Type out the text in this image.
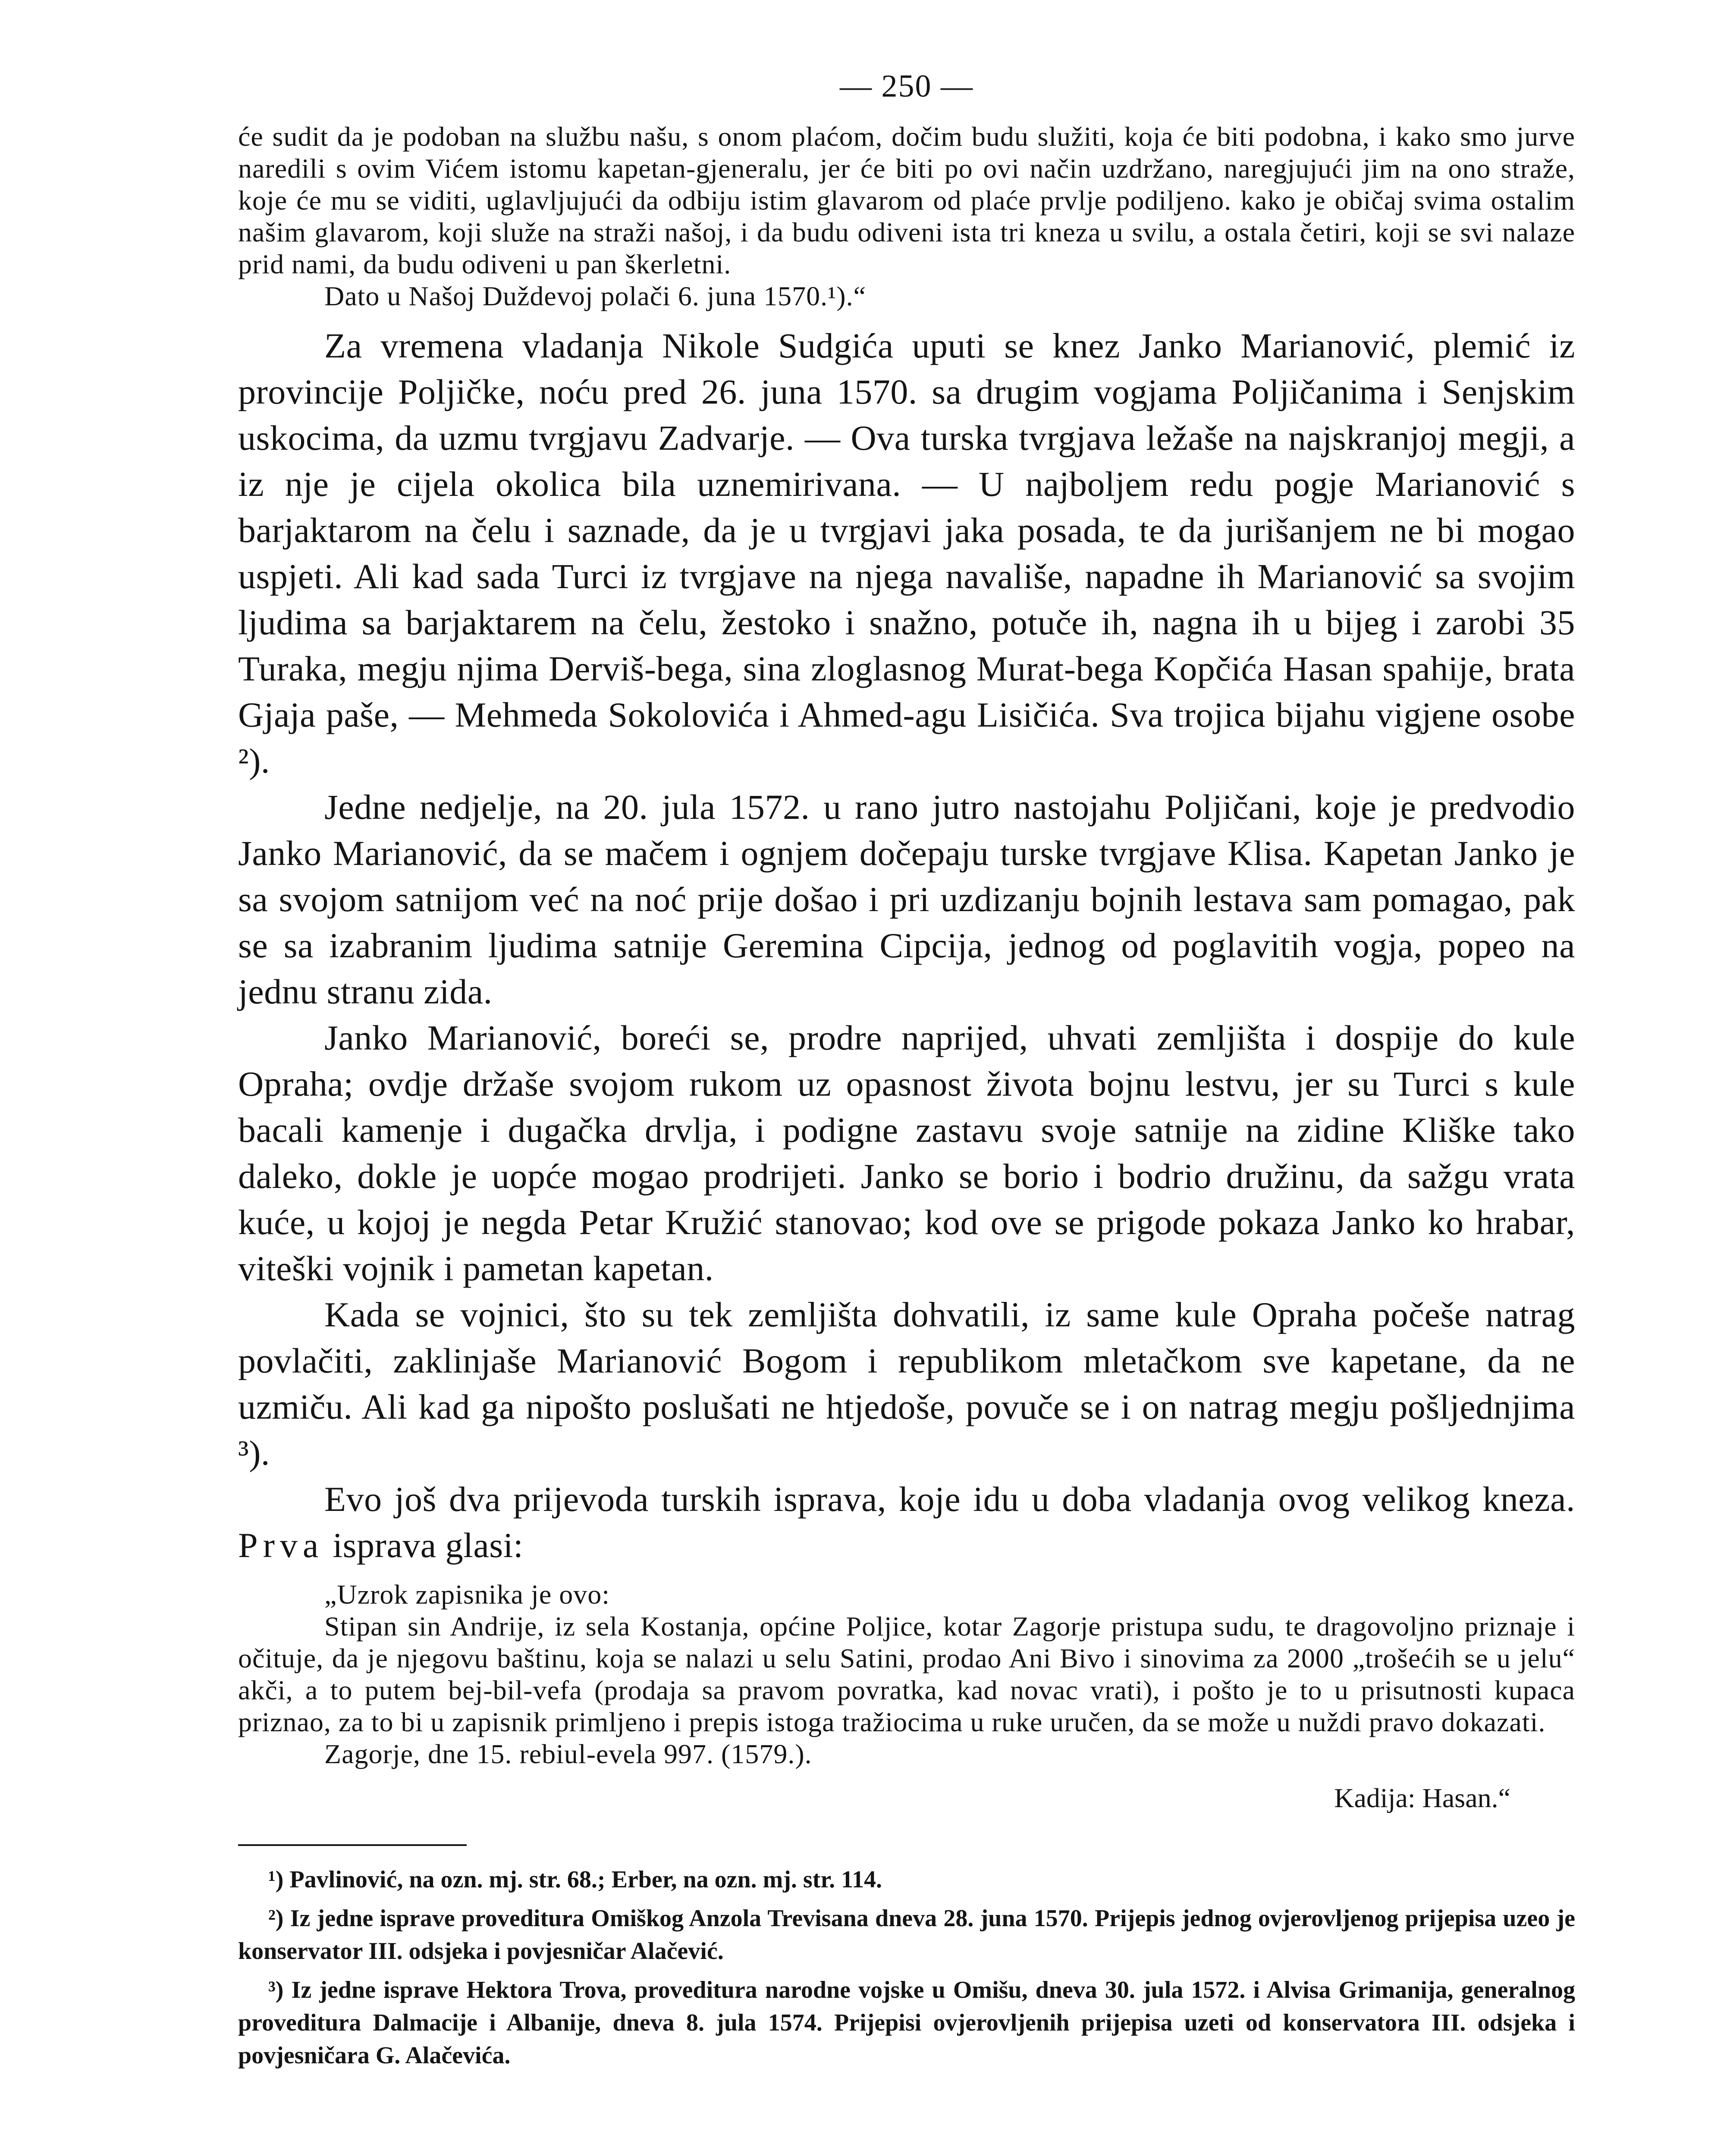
— 250 —

će sudit da je podoban na službu našu, s onom plaćom, dočim budu služiti, koja će biti podobna, i kako smo jurve naredili s ovim Vićem istomu kapetan-gjeneralu, jer će biti po ovi način uzdržano, naregjujući jim na ono straže, koje će mu se viditi, uglavljujući da odbiju istim glavarom od plaće prvlje podiljeno. kako je običaj svima ostalim našim glavarom, koji služe na straži našoj, i da budu odiveni ista tri kneza u svilu, a ostala četiri, koji se svi nalaze prid nami, da budu odiveni u pan škerletni.

Dato u Našoj Duždevoj polači 6. juna 1570.¹).“

Za vremena vladanja Nikole Sudgića uputi se knez Janko Marianović, plemić iz provincije Poljičke, noću pred 26. juna 1570. sa drugim vogjama Poljičanima i Senjskim uskocima, da uzmu tvrgjavu Zadvarje. — Ova turska tvrgjava ležaše na najskranjoj megji, a iz nje je cijela okolica bila uznemirivana. — U najboljem redu pogje Marianović s barjaktarom na čelu i saznade, da je u tvrgjavi jaka posada, te da jurišanjem ne bi mogao uspjeti. Ali kad sada Turci iz tvrgjave na njega navališe, napadne ih Marianović sa svojim ljudima sa barjaktarem na čelu, žestoko i snažno, potuče ih, nagna ih u bijeg i zarobi 35 Turaka, megju njima Derviš-bega, sina zloglasnog Murat-bega Kopčića Hasan spahije, brata Gjaja paše, — Mehmeda Sokolovića i Ahmed-agu Lisičića. Sva trojica bijahu vigjene osobe ²).

Jedne nedjelje, na 20. jula 1572. u rano jutro nastojahu Poljičani, koje je predvodio Janko Marianović, da se mačem i ognjem dočepaju turske tvrgjave Klisa. Kapetan Janko je sa svojom satnijom već na noć prije došao i pri uzdizanju bojnih lestava sam pomagao, pak se sa izabranim ljudima satnije Geremina Cipcija, jednog od poglavitih vogja, popeo na jednu stranu zida.

Janko Marianović, boreći se, prodre naprijed, uhvati zemljišta i dospije do kule Opraha; ovdje držaše svojom rukom uz opasnost života bojnu lestvu, jer su Turci s kule bacali kamenje i dugačka drvlja, i podigne zastavu svoje satnije na zidine Kliške tako daleko, dokle je uopće mogao prodrijeti. Janko se borio i bodrio družinu, da sažgu vrata kuće, u kojoj je negda Petar Kružić stanovao; kod ove se prigode pokaza Janko ko hrabar, viteški vojnik i pametan kapetan.

Kada se vojnici, što su tek zemljišta dohvatili, iz same kule Opraha počeše natrag povlačiti, zaklinjaše Marianović Bogom i republikom mletačkom sve kapetane, da ne uzmiču. Ali kad ga nipošto poslušati ne htjedoše, povuče se i on natrag megju pošljednjima ³).

Evo još dva prijevoda turskih isprava, koje idu u doba vladanja ovog velikog kneza. Prva isprava glasi:

„Uzrok zapisnika je ovo:

Stipan sin Andrije, iz sela Kostanja, općine Poljice, kotar Zagorje pristupa sudu, te dragovoljno priznaje i očituje, da je njegovu baštinu, koja se nalazi u selu Satini, prodao Ani Bivo i sinovima za 2000 „trošećih se u jelu“ akči, a to putem bej-bil-vefa (prodaja sa pravom povratka, kad novac vrati), i pošto je to u prisutnosti kupaca priznao, za to bi u zapisnik primljeno i prepis istoga tražiocima u ruke uručen, da se može u nuždi pravo dokazati.

Zagorje, dne 15. rebiul-evela 997. (1579.).

Kadija: Hasan.“

¹) Pavlinović, na ozn. mj. str. 68.; Erber, na ozn. mj. str. 114.

²) Iz jedne isprave proveditura Omiškog Anzola Trevisana dneva 28. juna 1570. Prijepis jednog ovjerovljenog prijepisa uzeo je konservator III. odsjeka i povjesničar Alačević.

³) Iz jedne isprave Hektora Trova, proveditura narodne vojske u Omišu, dneva 30. jula 1572. i Alvisa Grimanija, generalnog proveditura Dalmacije i Albanije, dneva 8. jula 1574. Prijepisi ovjerovljenih prijepisa uzeti od konservatora III. odsjeka i povjesničara G. Alačevića.
